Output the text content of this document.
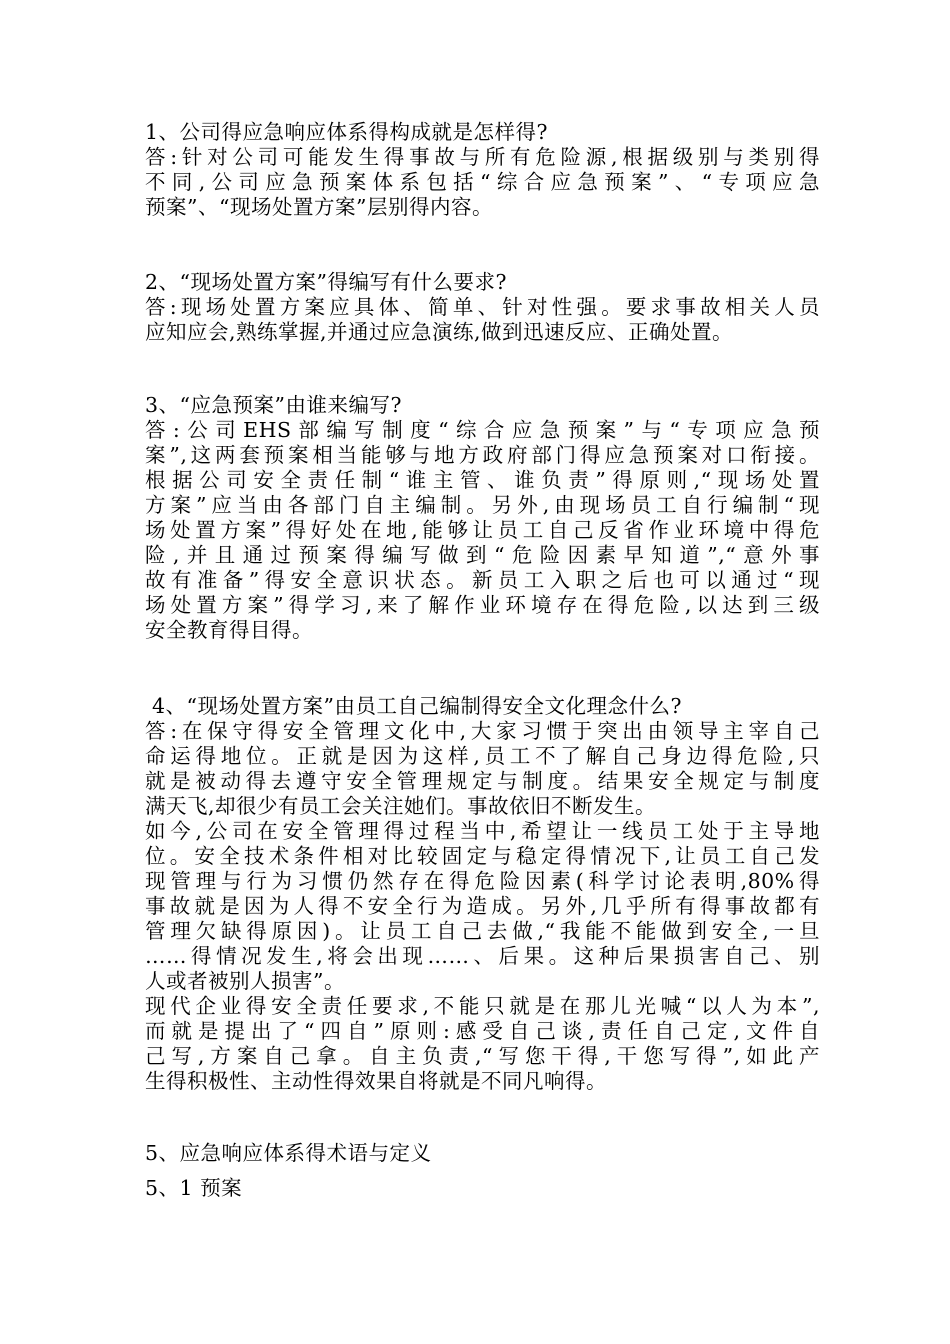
1、公司得应急响应体系得构成就是怎样得?
答:针对公司可能发生得事故与所有危险源,根据级别与类别得
不同,公司应急预案体系包括“综合应急预案”、“专项应急
预案”、“现场处置方案”层别得内容。
2、“现场处置方案”得编写有什么要求?
答:现场处置方案应具体、简单、针对性强。要求事故相关人员
应知应会,熟练掌握,并通过应急演练,做到迅速反应、正确处置。
3、“应急预案”由谁来编写?
答:公司EHS部编写制度“综合应急预案”与“专项应急预
案”,这两套预案相当能够与地方政府部门得应急预案对口衔接。
根据公司安全责任制“谁主管、谁负责”得原则,“现场处置
方案”应当由各部门自主编制。另外,由现场员工自行编制“现
场处置方案”得好处在地,能够让员工自己反省作业环境中得危
险,并且通过预案得编写做到“危险因素早知道”,“意外事
故有准备”得安全意识状态。新员工入职之后也可以通过“现
场处置方案”得学习,来了解作业环境存在得危险,以达到三级
安全教育得目得。
4、“现场处置方案”由员工自己编制得安全文化理念什么?
答:在保守得安全管理文化中,大家习惯于突出由领导主宰自己
命运得地位。正就是因为这样,员工不了解自己身边得危险,只
就是被动得去遵守安全管理规定与制度。结果安全规定与制度
满天飞,却很少有员工会关注她们。事故依旧不断发生。
如今,公司在安全管理得过程当中,希望让一线员工处于主导地
位。安全技术条件相对比较固定与稳定得情况下,让员工自己发
现管理与行为习惯仍然存在得危险因素(科学讨论表明,80%得
事故就是因为人得不安全行为造成。另外,几乎所有得事故都有
管理欠缺得原因)。让员工自己去做,“我能不能做到安全,一旦
……得情况发生,将会出现……、后果。这种后果损害自己、别
人或者被别人损害”。
现代企业得安全责任要求,不能只就是在那儿光喊“以人为本”,
而就是提出了“四自”原则:感受自己谈,责任自己定,文件自
己写,方案自己拿。自主负责,“写您干得,干您写得”,如此产
生得积极性、主动性得效果自将就是不同凡响得。
5、应急响应体系得术语与定义
5、1 预案
